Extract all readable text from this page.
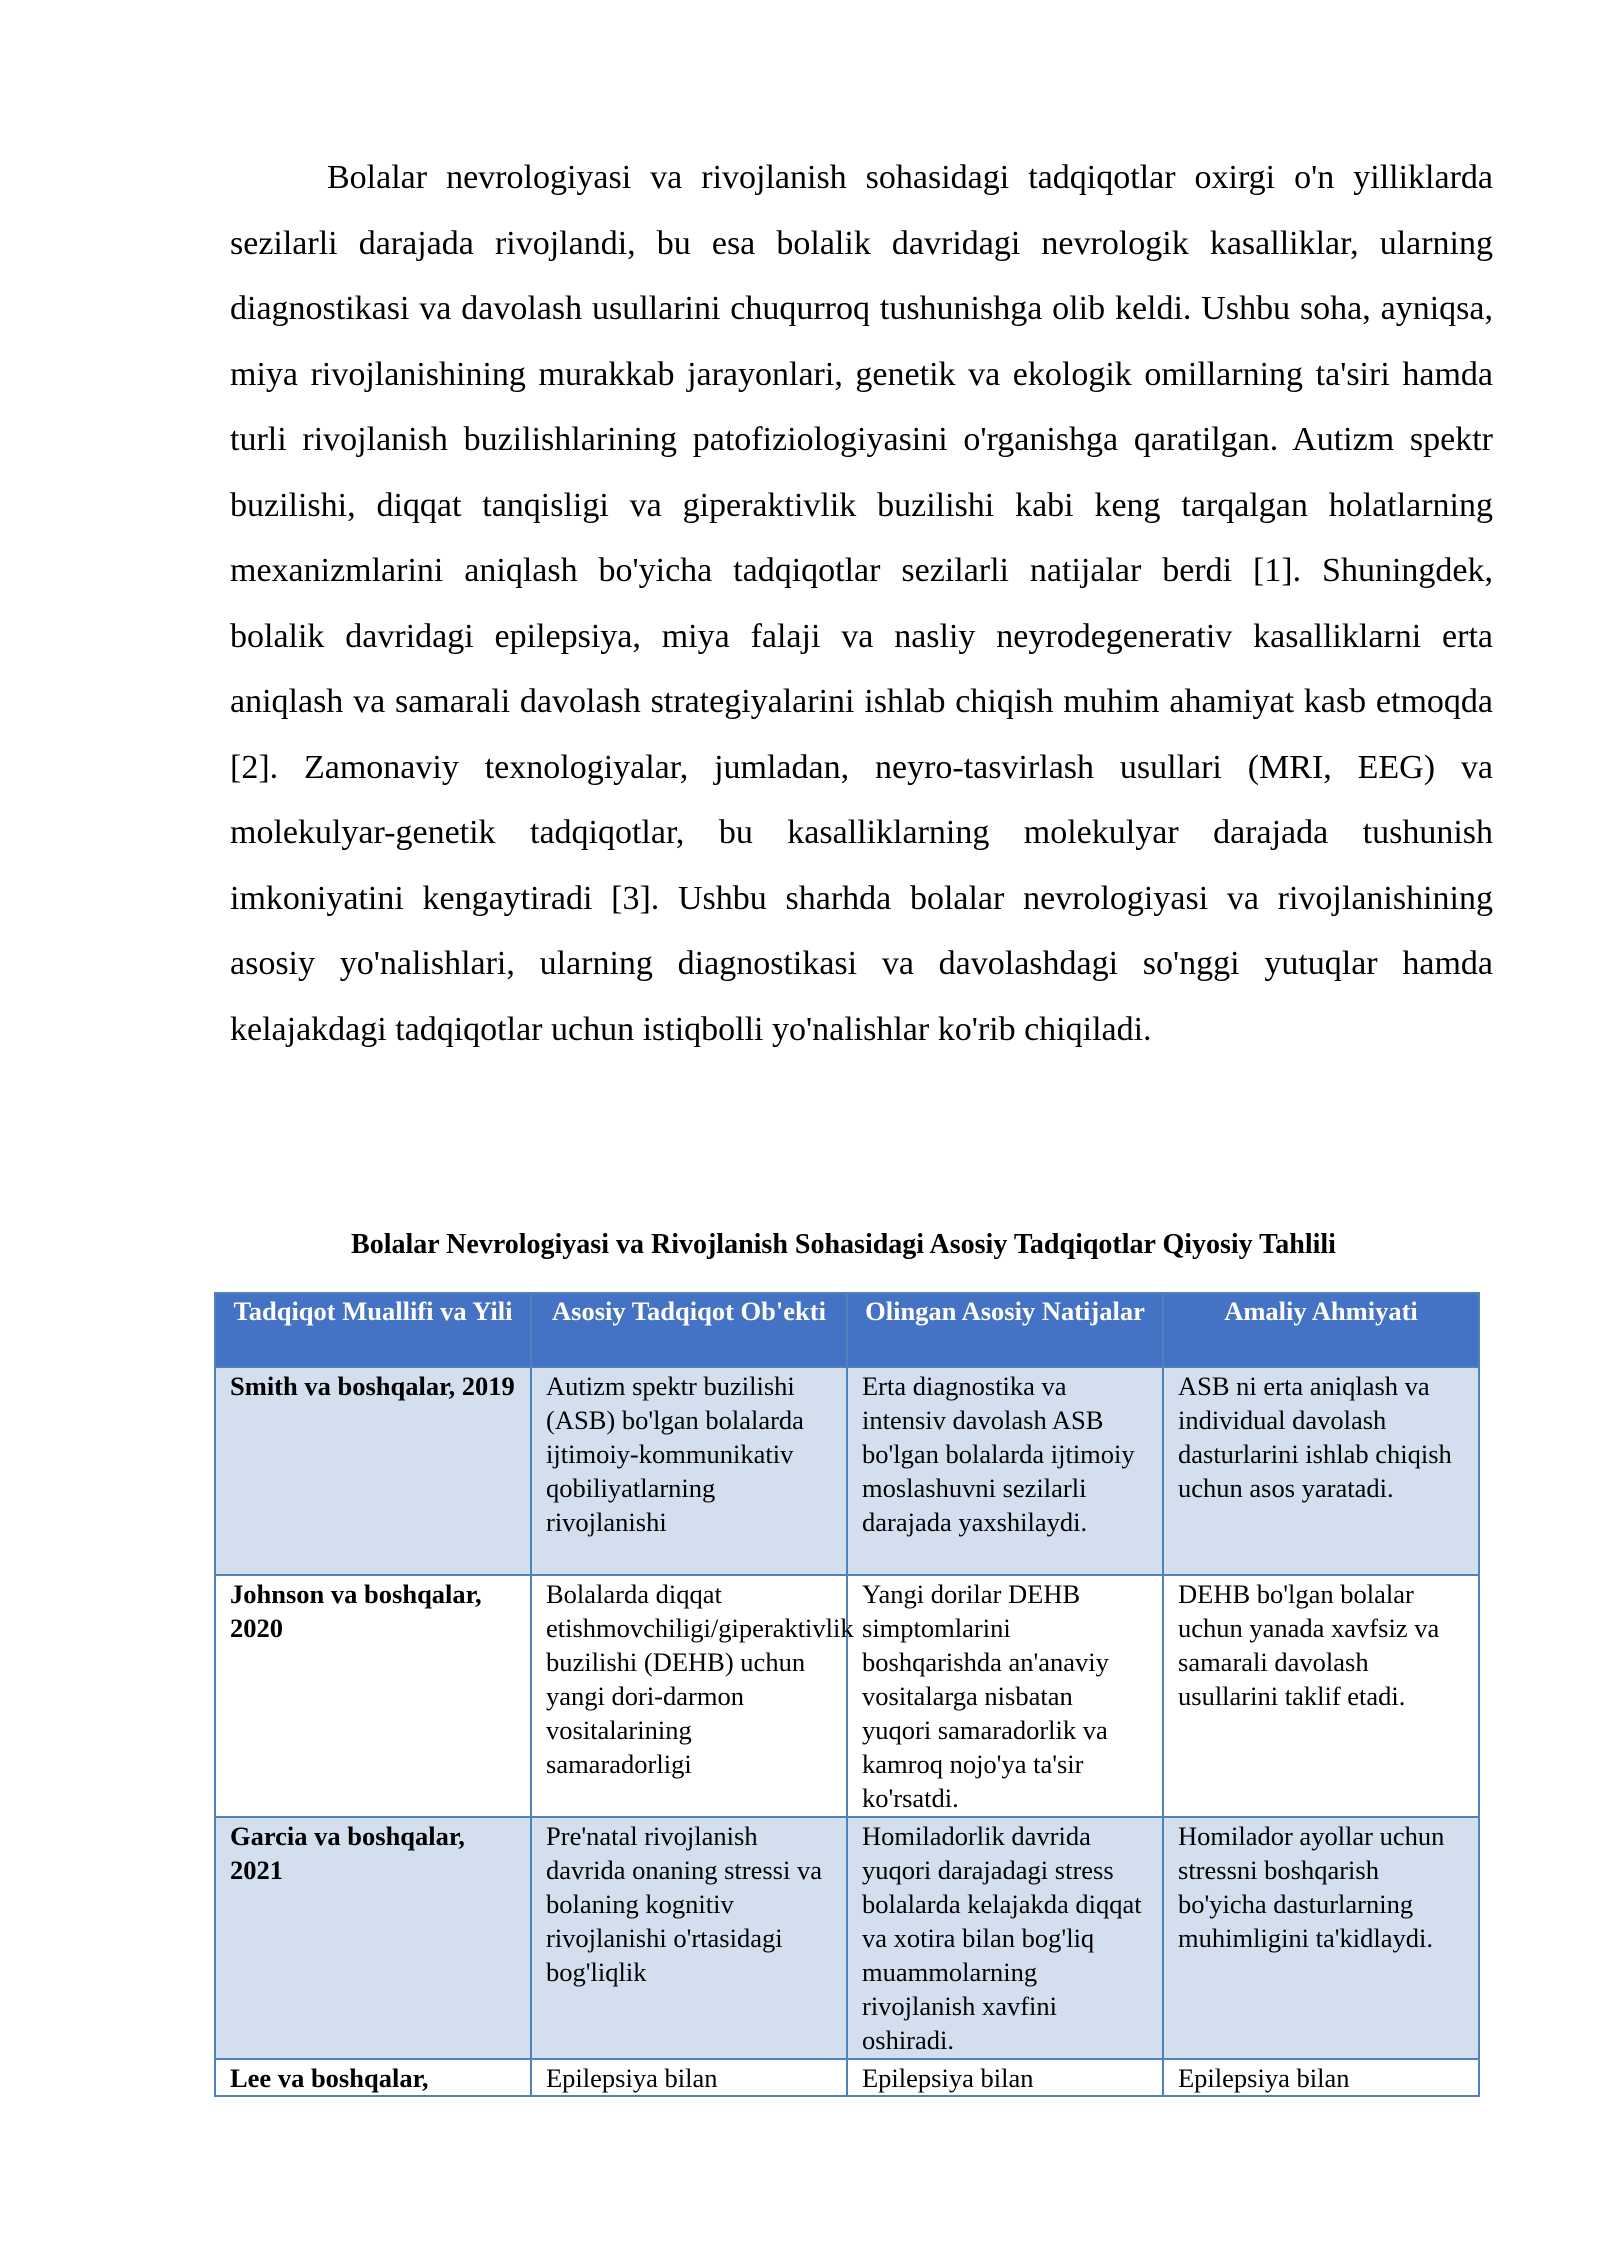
Bolalar nevrologiyasi va rivojlanish sohasidagi tadqiqotlar oxirgi o'n yilliklarda sezilarli darajada rivojlandi, bu esa bolalik davridagi nevrologik kasalliklar, ularning diagnostikasi va davolash usullarini chuqurroq tushunishga olib keldi. Ushbu soha, ayniqsa, miya rivojlanishining murakkab jarayonlari, genetik va ekologik omillarning ta'siri hamda turli rivojlanish buzilishlarining patofiziologiyasini o'rganishga qaratilgan. Autizm spektr buzilishi, diqqat tanqisligi va giperaktivlik buzilishi kabi keng tarqalgan holatlarning mexanizmlarini aniqlash bo'yicha tadqiqotlar sezilarli natijalar berdi [1]. Shuningdek, bolalik davridagi epilepsiya, miya falaji va nasliy neyrodegenerativ kasalliklarni erta aniqlash va samarali davolash strategiyalarini ishlab chiqish muhim ahamiyat kasb etmoqda [2]. Zamonaviy texnologiyalar, jumladan, neyro-tasvirlash usullari (MRI, EEG) va molekulyar-genetik tadqiqotlar, bu kasalliklarning molekulyar darajada tushunish imkoniyatini kengaytiradi [3]. Ushbu sharhda bolalar nevrologiyasi va rivojlanishining asosiy yo'nalishlari, ularning diagnostikasi va davolashdagi so'nggi yutuqlar hamda kelajakdagi tadqiqotlar uchun istiqbolli yo'nalishlar ko'rib chiqiladi.

Bolalar Nevrologiyasi va Rivojlanish Sohasidagi Asosiy Tadqiqotlar Qiyosiy Tahlili

Tadqiqot Muallifi va Yili	Asosiy Tadqiqot Ob'ekti	Olingan Asosiy Natijalar	Amaliy Ahmiyati
Smith va boshqalar, 2019	Autizm spektr buzilishi (ASB) bo'lgan bolalarda ijtimoiy-kommunikativ qobiliyatlarning rivojlanishi	Erta diagnostika va intensiv davolash ASB bo'lgan bolalarda ijtimoiy moslashuvni sezilarli darajada yaxshilaydi.	ASB ni erta aniqlash va individual davolash dasturlarini ishlab chiqish uchun asos yaratadi.
Johnson va boshqalar, 2020	Bolalarda diqqat etishmovchiligi/giperaktivlik buzilishi (DEHB) uchun yangi dori-darmon vositalarining samaradorligi	Yangi dorilar DEHB simptomlarini boshqarishda an'anaviy vositalarga nisbatan yuqori samaradorlik va kamroq nojo'ya ta'sir ko'rsatdi.	DEHB bo'lgan bolalar uchun yanada xavfsiz va samarali davolash usullarini taklif etadi.
Garcia va boshqalar, 2021	Pre'natal rivojlanish davrida onaning stressi va bolaning kognitiv rivojlanishi o'rtasidagi bog'liqlik	Homiladorlik davrida yuqori darajadagi stress bolalarda kelajakda diqqat va xotira bilan bog'liq muammolarning rivojlanish xavfini oshiradi.	Homilador ayollar uchun stressni boshqarish bo'yicha dasturlarning muhimligini ta'kidlaydi.
Lee va boshqalar,	Epilepsiya bilan	Epilepsiya bilan	Epilepsiya bilan
